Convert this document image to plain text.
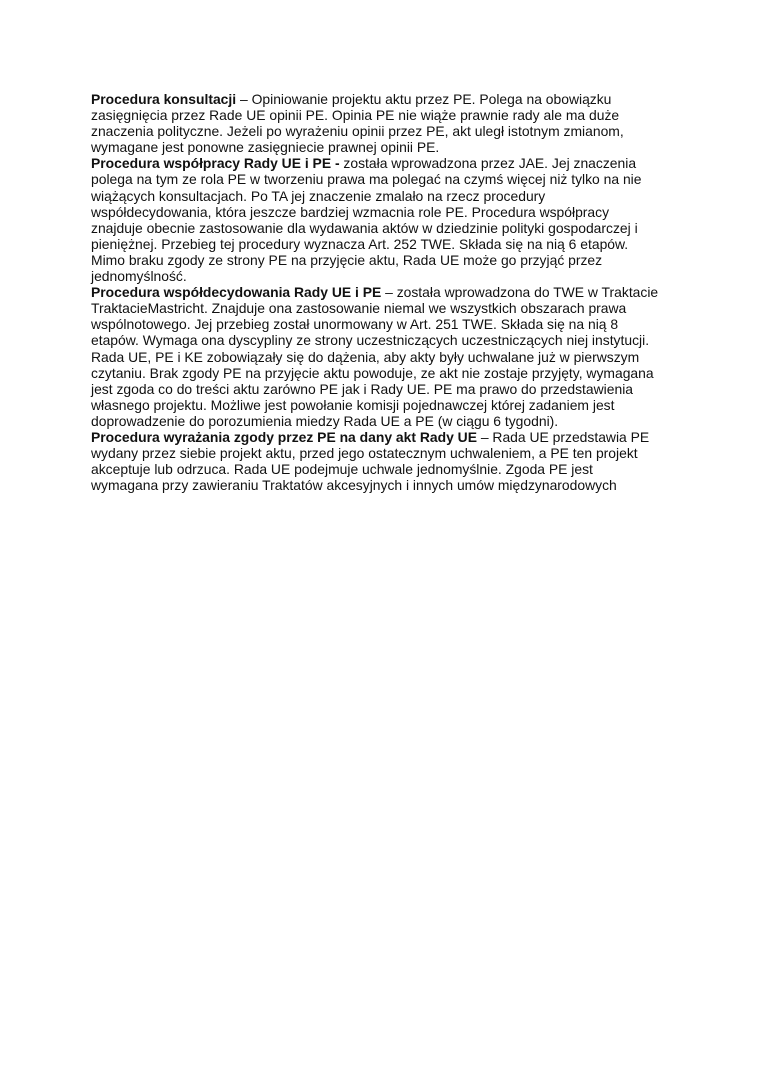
Procedura konsultacji – Opiniowanie projektu aktu przez PE. Polega na obowiązku
zasięgnięcia przez Rade UE opinii PE. Opinia PE nie wiąże prawnie rady ale ma duże
znaczenia polityczne. Jeżeli po wyrażeniu opinii przez PE, akt uległ istotnym zmianom,
wymagane jest ponowne zasięgniecie prawnej opinii PE.
Procedura współpracy Rady UE i PE - została wprowadzona przez JAE. Jej znaczenia
polega na tym ze rola PE w tworzeniu prawa ma polegać na czymś więcej niż tylko na nie
wiążących konsultacjach. Po TA jej znaczenie zmalało na rzecz procedury
współdecydowania, która jeszcze bardziej wzmacnia role PE. Procedura współpracy
znajduje obecnie zastosowanie dla wydawania aktów w dziedzinie polityki gospodarczej i
pieniężnej. Przebieg tej procedury wyznacza Art. 252 TWE. Składa się na nią 6 etapów.
Mimo braku zgody ze strony PE na przyjęcie aktu, Rada UE może go przyjąć przez
jednomyślność.
Procedura współdecydowania Rady UE i PE – została wprowadzona do TWE w Traktacie
TraktacieMastricht. Znajduje ona zastosowanie niemal we wszystkich obszarach prawa
wspólnotowego. Jej przebieg został unormowany w Art. 251 TWE. Składa się na nią 8
etapów. Wymaga ona dyscypliny ze strony uczestniczących uczestniczących niej instytucji.
Rada UE, PE i KE zobowiązały się do dążenia, aby akty były uchwalane już w pierwszym
czytaniu. Brak zgody PE na przyjęcie aktu powoduje, ze akt nie zostaje przyjęty, wymagana
jest zgoda co do treści aktu zarówno PE jak i Rady UE. PE ma prawo do przedstawienia
własnego projektu. Możliwe jest powołanie komisji pojednawczej której zadaniem jest
doprowadzenie do porozumienia miedzy Rada UE a PE (w ciągu 6 tygodni).
Procedura wyrażania zgody przez PE na dany akt Rady UE – Rada UE przedstawia PE
wydany przez siebie projekt aktu, przed jego ostatecznym uchwaleniem, a PE ten projekt
akceptuje lub odrzuca. Rada UE podejmuje uchwale jednomyślnie. Zgoda PE jest
wymagana przy zawieraniu Traktatów akcesyjnych i innych umów międzynarodowych
